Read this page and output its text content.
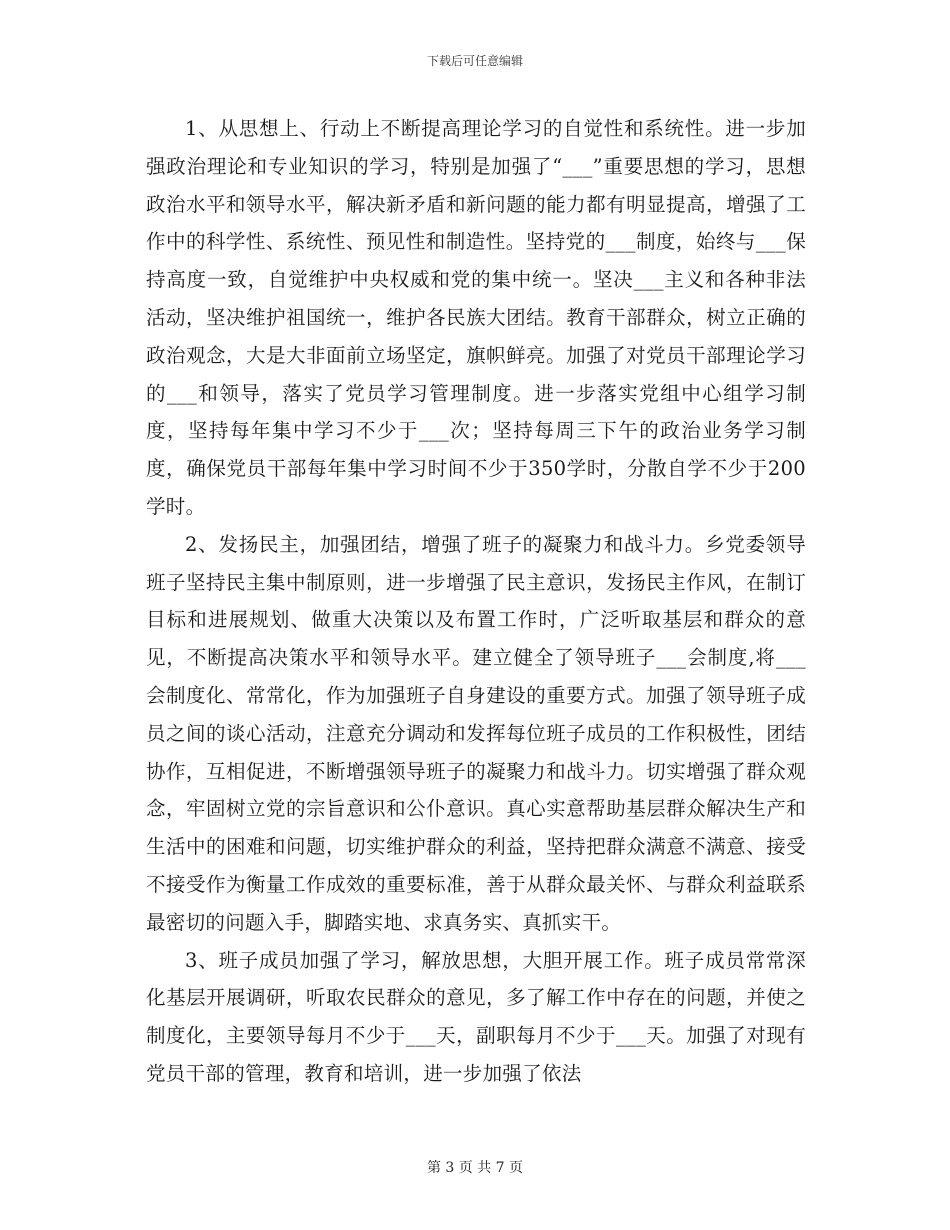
下载后可任意编辑

1、从思想上、行动上不断提高理论学习的自觉性和系统性。进一步加强政治理论和专业知识的学习，特别是加强了“___”重要思想的学习，思想政治水平和领导水平，解决新矛盾和新问题的能力都有明显提高，增强了工作中的科学性、系统性、预见性和制造性。坚持党的___制度，始终与___保持高度一致，自觉维护中央权威和党的集中统一。坚决___主义和各种非法活动，坚决维护祖国统一，维护各民族大团结。教育干部群众，树立正确的政治观念，大是大非面前立场坚定，旗帜鲜亮。加强了对党员干部理论学习的___和领导，落实了党员学习管理制度。进一步落实党组中心组学习制度，坚持每年集中学习不少于___次；坚持每周三下午的政治业务学习制度，确保党员干部每年集中学习时间不少于350学时，分散自学不少于200学时。

2、发扬民主，加强团结，增强了班子的凝聚力和战斗力。乡党委领导班子坚持民主集中制原则，进一步增强了民主意识，发扬民主作风，在制订目标和进展规划、做重大决策以及布置工作时，广泛听取基层和群众的意见，不断提高决策水平和领导水平。建立健全了领导班子___会制度,将___会制度化、常常化，作为加强班子自身建设的重要方式。加强了领导班子成员之间的谈心活动，注意充分调动和发挥每位班子成员的工作积极性，团结协作，互相促进，不断增强领导班子的凝聚力和战斗力。切实增强了群众观念，牢固树立党的宗旨意识和公仆意识。真心实意帮助基层群众解决生产和生活中的困难和问题，切实维护群众的利益，坚持把群众满意不满意、接受不接受作为衡量工作成效的重要标准，善于从群众最关怀、与群众利益联系最密切的问题入手，脚踏实地、求真务实、真抓实干。

3、班子成员加强了学习，解放思想，大胆开展工作。班子成员常常深化基层开展调研，听取农民群众的意见，多了解工作中存在的问题，并使之制度化，主要领导每月不少于___天，副职每月不少于___天。加强了对现有党员干部的管理，教育和培训，进一步加强了依法

第 3 页 共 7 页
